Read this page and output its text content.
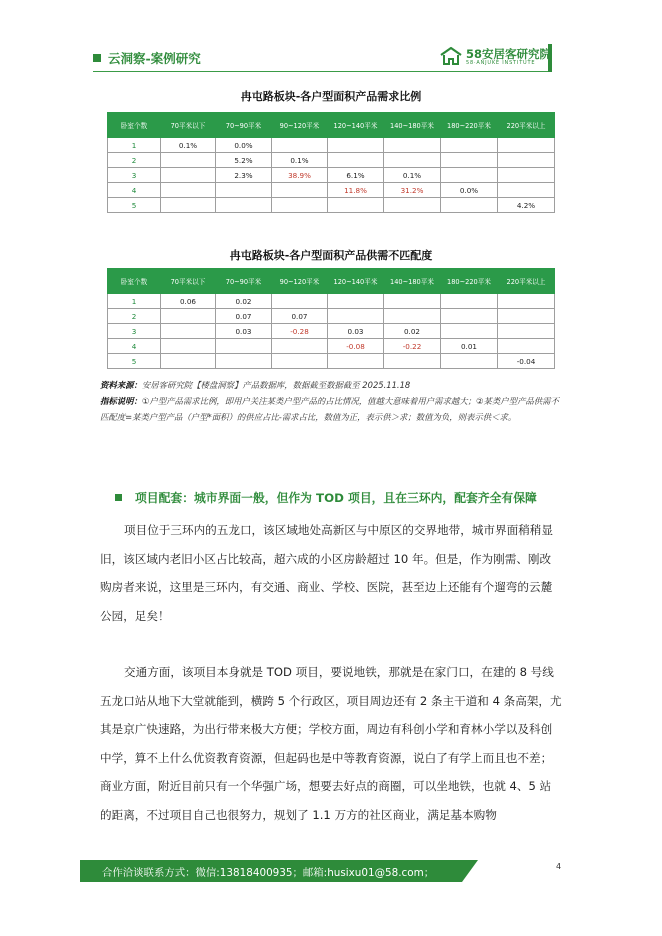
云洞察-案例研究	58安居客研究院
58·ANJUKE INSTITUTE
冉屯路板块-各户型面积产品需求比例
卧室个数	70平米以下	70~90平米	90~120平米	120~140平米	140~180平米	180~220平米	220平米以上
1	0.1%	0.0%					
2		5.2%	0.1%				
3		2.3%	38.9%	6.1%	0.1%		
4				11.8%	31.2%	0.0%	
5							4.2%
冉屯路板块-各户型面积产品供需不匹配度
卧室个数	70平米以下	70~90平米	90~120平米	120~140平米	140~180平米	180~220平米	220平米以上
1	0.06	0.02					
2		0.07	0.07				
3		0.03	-0.28	0.03	0.02		
4				-0.08	-0.22	0.01	
5							-0.04
资料来源：安居客研究院【楼盘洞察】产品数据库，数据截至数据截至 2025.11.18
指标说明：①户型产品需求比例，即用户关注某类户型产品的占比情况，值越大意味着用户需求越大；②某类户型产品供需不匹配度=某类户型产品（户型*面积）的供应占比-需求占比，数值为正，表示供＞求；数值为负，则表示供＜求。
项目配套：城市界面一般，但作为 TOD 项目，且在三环内，配套齐全有保障

项目位于三环内的五龙口，该区域地处高新区与中原区的交界地带，城市界面稍稍显旧，该区域内老旧小区占比较高，超六成的小区房龄超过 10 年。但是，作为刚需、刚改购房者来说，这里是三环内，有交通、商业、学校、医院，甚至边上还能有个遛弯的云麓公园，足矣！

交通方面，该项目本身就是 TOD 项目，要说地铁，那就是在家门口，在建的 8 号线五龙口站从地下大堂就能到，横跨 5 个行政区，项目周边还有 2 条主干道和 4 条高架，尤其是京广快速路，为出行带来极大方便；学校方面，周边有科创小学和育林小学以及科创中学，算不上什么优资教育资源，但起码也是中等教育资源，说白了有学上而且也不差；商业方面，附近目前只有一个华强广场，想要去好点的商圈，可以坐地铁，也就 4、5 站的距离，不过项目自己也很努力，规划了 1.1 万方的社区商业，满足基本购物

合作洽谈联系方式：微信:13818400935；邮箱:husixu01@58.com；
4
